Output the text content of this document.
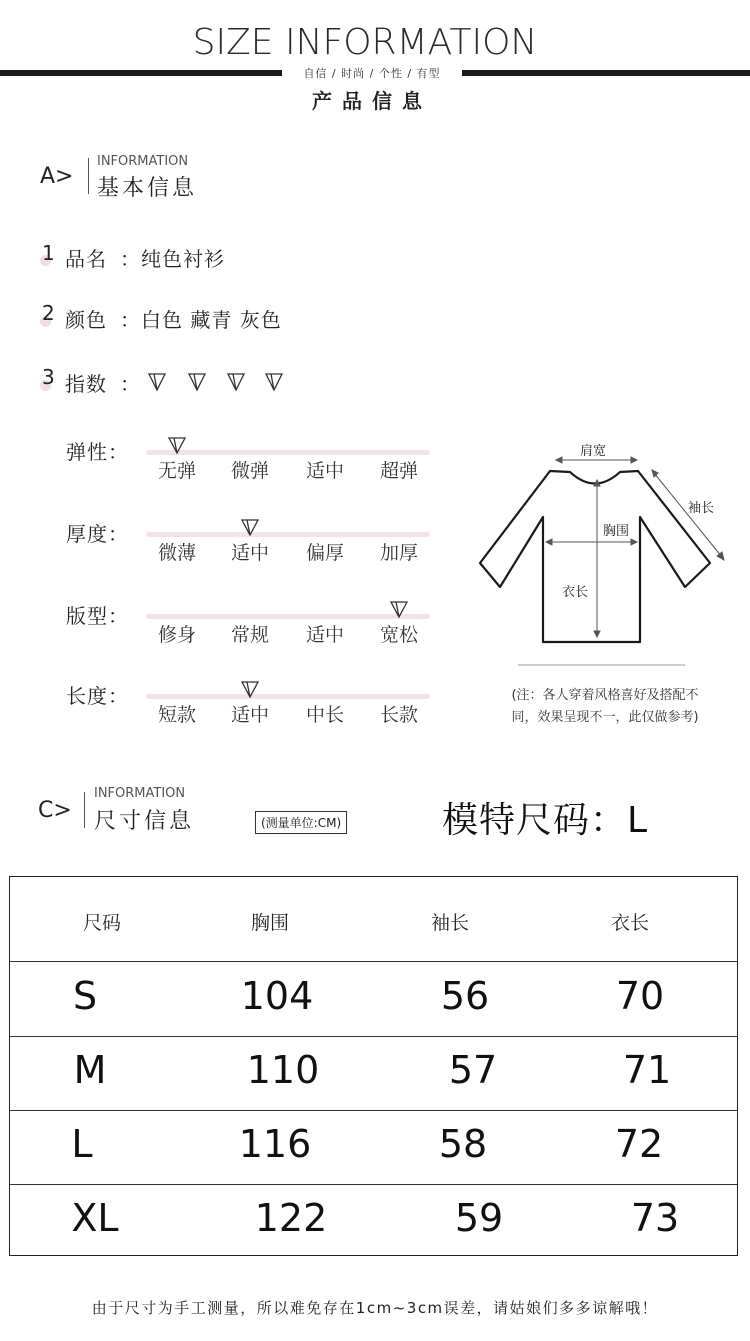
SIZE INFORMATION
自信 / 时尚 / 个性 / 有型
产品信息
A>
INFORMATION
基本信息
1 品名 ：纯色衬衫
2 颜色 ：白色 藏青 灰色
3 指数 ：
弹性：
无弹	微弹	适中	超弹
厚度：
微薄	适中	偏厚	加厚
版型：
修身	常规	适中	宽松
长度：
短款	适中	中长	长款
肩宽
袖长
胸围
衣长
(注：各人穿着风格喜好及搭配不
同，效果呈现不一，此仅做参考)
C>
INFORMATION
尺寸信息	(测量单位:CM)	模特尺码：L
尺码	胸围	袖长	衣长
S	104	56	70
M	110	57	71
L	116	58	72
XL	122	59	73
由于尺寸为手工测量，所以难免存在1cm~3cm误差，请姑娘们多多谅解哦！
